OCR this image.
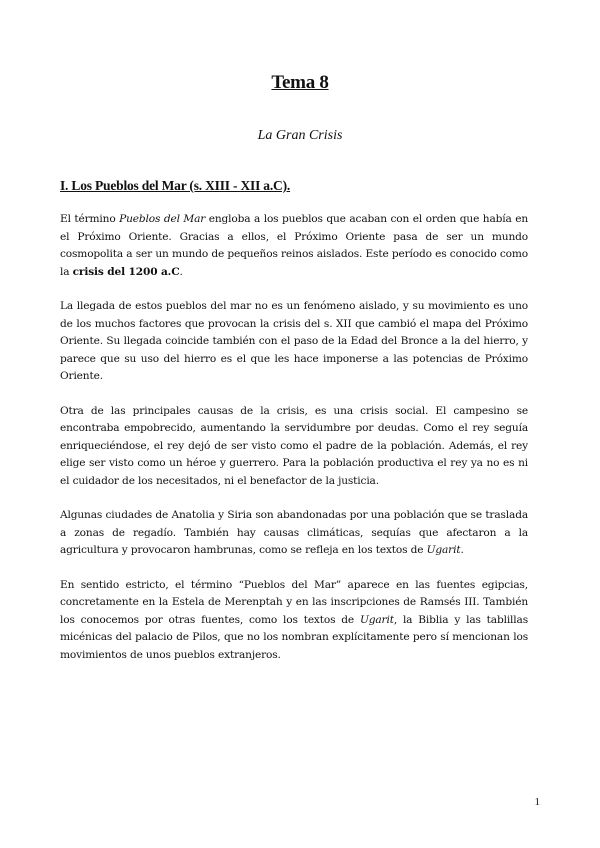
Tema 8
La Gran Crisis
I. Los Pueblos del Mar (s. XIII - XII a.C).

El término Pueblos del Mar engloba a los pueblos que acaban con el orden que había en el Próximo Oriente. Gracias a ellos, el Próximo Oriente pasa de ser un mundo cosmopolita a ser un mundo de pequeños reinos aislados. Este período es conocido como la crisis del 1200 a.C.

La llegada de estos pueblos del mar no es un fenómeno aislado, y su movimiento es uno de los muchos factores que provocan la crisis del s. XII que cambió el mapa del Próximo Oriente. Su llegada coincide también con el paso de la Edad del Bronce a la del hierro, y parece que su uso del hierro es el que les hace imponerse a las potencias de Próximo Oriente.

Otra de las principales causas de la crisis, es una crisis social. El campesino se encontraba empobrecido, aumentando la servidumbre por deudas. Como el rey seguía enriqueciéndose, el rey dejó de ser visto como el padre de la población. Además, el rey elige ser visto como un héroe y guerrero. Para la población productiva el rey ya no es ni el cuidador de los necesitados, ni el benefactor de la justicia.

Algunas ciudades de Anatolia y Siria son abandonadas por una población que se traslada a zonas de regadío. También hay causas climáticas, sequías que afectaron a la agricultura y provocaron hambrunas, como se refleja en los textos de Ugarit.

En sentido estricto, el término “Pueblos del Mar” aparece en las fuentes egipcias, concretamente en la Estela de Merenptah y en las inscripciones de Ramsés III. También los conocemos por otras fuentes, como los textos de Ugarit, la Biblia y las tablillas micénicas del palacio de Pilos, que no los nombran explícitamente pero sí mencionan los movimientos de unos pueblos extranjeros.

1
